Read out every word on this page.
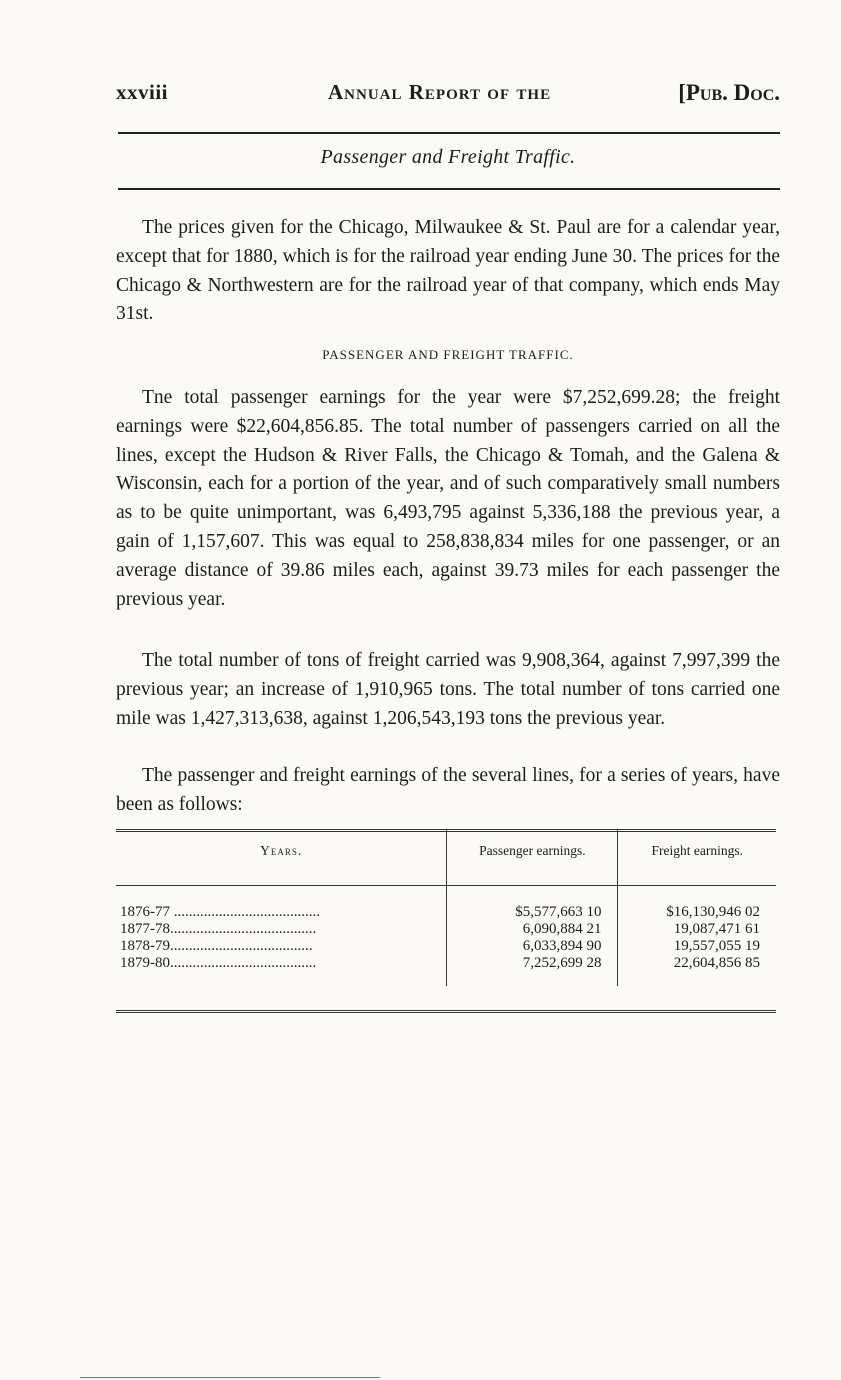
xxviii	Annual Report of the	[Pub. Doc.
Passenger and Freight Traffic.

The prices given for the Chicago, Milwaukee & St. Paul are for a calendar year, except that for 1880, which is for the railroad year ending June 30. The prices for the Chicago & Northwestern are for the railroad year of that company, which ends May 31st.

PASSENGER AND FREIGHT TRAFFIC.

Tne total passenger earnings for the year were $7,252,699.28; the freight earnings were $22,604,856.85. The total number of passengers carried on all the lines, except the Hudson & River Falls, the Chicago & Tomah, and the Galena & Wisconsin, each for a portion of the year, and of such comparatively small numbers as to be quite unimportant, was 6,493,795 against 5,336,188 the previous year, a gain of 1,157,607. This was equal to 258,838,834 miles for one passenger, or an average distance of 39.86 miles each, against 39.73 miles for each passenger the previous year.

The total number of tons of freight carried was 9,908,364, against 7,997,399 the previous year; an increase of 1,910,965 tons. The total number of tons carried one mile was 1,427,313,638, against 1,206,543,193 tons the previous year.

The passenger and freight earnings of the several lines, for a series of years, have been as follows:

Years.	Passenger earnings.	Freight earnings.
1876-77 .......................................	$5,577,663 10	$16,130,946 02
1877-78.......................................	6,090,884 21	19,087,471 61
1878-79......................................	6,033,894 90	19,557,055 19
1879-80.......................................	7,252,699 28	22,604,856 85
